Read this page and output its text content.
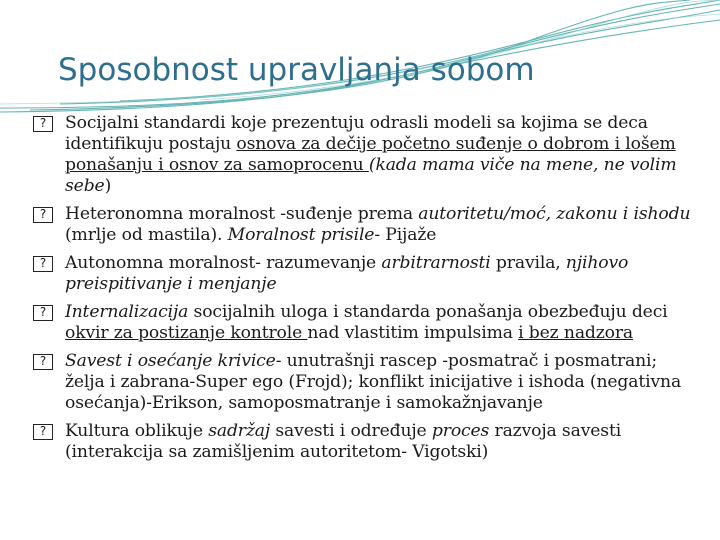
Sposobnost upravljanja sobom
?	Socijalni standardi koje prezentuju odrasli modeli sa kojima se deca identifikuju postaju osnova za dečije početno suđenje o dobrom i lošem ponašanju i osnov za samoprocenu (kada mama viče na mene, ne volim sebe)
?	Heteronomna moralnost -suđenje prema autoritetu/moć, zakonu i ishodu (mrlje od mastila). Moralnost prisile- Pijaže
?	Autonomna moralnost- razumevanje arbitrarnosti pravila, njihovo preispitivanje i menjanje
?	Internalizacija socijalnih uloga i standarda ponašanja obezbeđuju deci okvir za postizanje kontrole nad vlastitim impulsima i bez nadzora
?	Savest i osećanje krivice- unutrašnji rascep -posmatrač i posmatrani; želja i zabrana-Super ego (Frojd); konflikt inicijative i ishoda (negativna osećanja)-Erikson, samoposmatranje i samokažnjavanje
?	Kultura oblikuje sadržaj savesti i određuje proces razvoja savesti (interakcija sa zamišljenim autoritetom- Vigotski)
